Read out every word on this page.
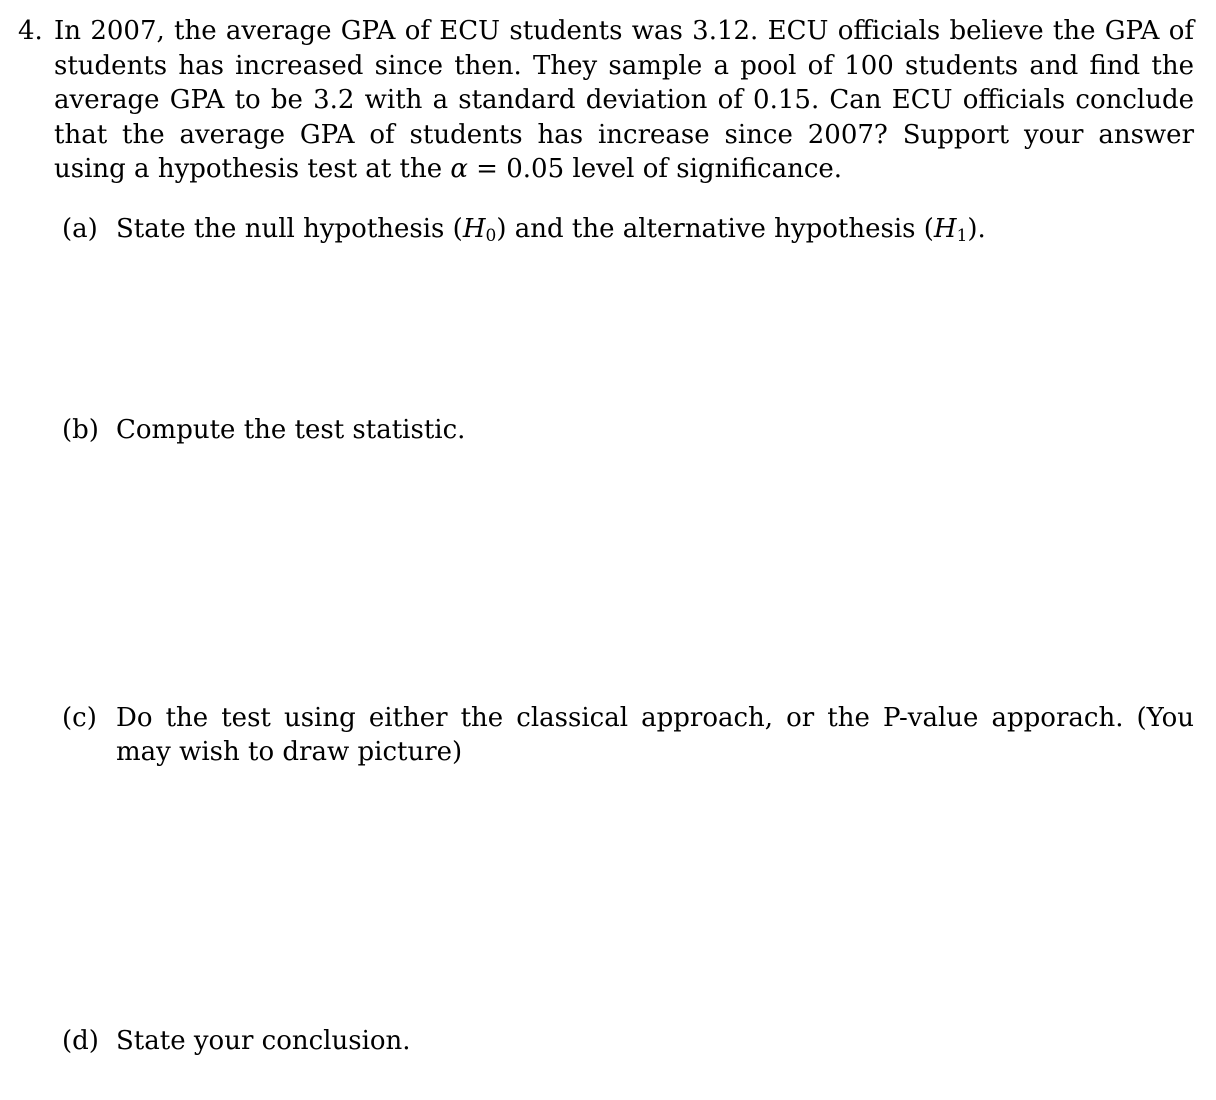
4. In 2007, the average GPA of ECU students was 3.12. ECU officials believe the GPA of students has increased since then. They sample a pool of 100 students and find the average GPA to be 3.2 with a standard deviation of 0.15. Can ECU officials conclude that the average GPA of students has increase since 2007? Support your answer using a hypothesis test at the α = 0.05 level of significance.
(a) State the null hypothesis $(H_0)$ and the alternative hypothesis $(H_1)$.
(b) Compute the test statistic.
(c) Do the test using either the classical approach, or the P-value apporach. (You may wish to draw picture)
(d) State your conclusion.
